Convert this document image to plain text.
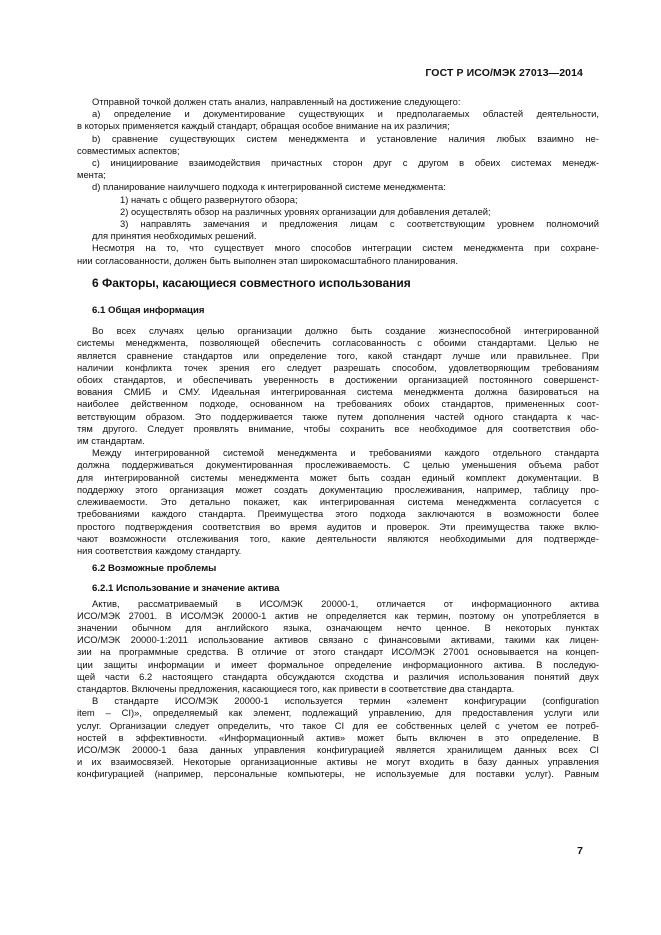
ГОСТ Р ИСО/МЭК 27013—2014
Отправной точкой должен стать анализ, направленный на достижение следующего:
а) определение и документирование существующих и предполагаемых областей деятельности,
в которых применяется каждый стандарт, обращая особое внимание на их различия;
b) сравнение существующих систем менеджмента и установление наличия любых взаимно не-
совместимых аспектов;
с) инициирование взаимодействия причастных сторон друг с другом в обеих системах менедж-
мента;
d) планирование наилучшего подхода к интегрированной системе менеджмента:
1) начать с общего развернутого обзора;
2) осуществлять обзор на различных уровнях организации для добавления деталей;
3) направлять замечания и предложения лицам с соответствующим уровнем полномочий
для принятия необходимых решений.
Несмотря на то, что существует много способов интеграции систем менеджмента при сохране-
нии согласованности, должен быть выполнен этап широкомасштабного планирования.
6 Факторы, касающиеся совместного использования
6.1 Общая информация
Во всех случаях целью организации должно быть создание жизнеспособной интегрированной
системы менеджмента, позволяющей обеспечить согласованность с обоими стандартами. Целью не
является сравнение стандартов или определение того, какой стандарт лучше или правильнее. При
наличии конфликта точек зрения его следует разрешать способом, удовлетворяющим требованиям
обоих стандартов, и обеспечивать уверенность в достижении организацией постоянного совершенст-
вования СМИБ и СМУ. Идеальная интегрированная система менеджмента должна базироваться на
наиболее действенном подходе, основанном на требованиях обоих стандартов, примененных соот-
ветствующим образом. Это поддерживается также путем дополнения частей одного стандарта к час-
тям другого. Следует проявлять внимание, чтобы сохранить все необходимое для соответствия обо-
им стандартам.
Между интегрированной системой менеджмента и требованиями каждого отдельного стандарта
должна поддерживаться документированная прослеживаемость. С целью уменьшения объема работ
для интегрированной системы менеджмента может быть создан единый комплект документации. В
поддержку этого организация может создать документацию прослеживания, например, таблицу про-
слеживаемости. Это детально покажет, как интегрированная система менеджмента согласуется с
требованиями каждого стандарта. Преимущества этого подхода заключаются в возможности более
простого подтверждения соответствия во время аудитов и проверок. Эти преимущества также вклю-
чают возможности отслеживания того, какие деятельности являются необходимыми для подтвержде-
ния соответствия каждому стандарту.
6.2 Возможные проблемы
6.2.1 Использование и значение актива
Актив, рассматриваемый в ИСО/МЭК 20000-1, отличается от информационного актива
ИСО/МЭК 27001. В ИСО/МЭК 20000-1 актив не определяется как термин, поэтому он употребляется в
значении обычном для английского языка, означающем нечто ценное. В некоторых пунктах
ИСО/МЭК 20000-1:2011 использование активов связано с финансовыми активами, такими как лицен-
зии на программные средства. В отличие от этого стандарт ИСО/МЭК 27001 основывается на концеп-
ции защиты информации и имеет формальное определение информационного актива. В последую-
щей части 6.2 настоящего стандарта обсуждаются сходства и различия использования понятий двух
стандартов. Включены предложения, касающиеся того, как привести в соответствие два стандарта.
В стандарте ИСО/МЭК 20000-1 используется термин «элемент конфигурации (configuration
item – CI)», определяемый как элемент, подлежащий управлению, для предоставления услуги или
услуг. Организации следует определить, что такое CI для ее собственных целей с учетом ее потреб-
ностей в эффективности. «Информационный актив» может быть включен в это определение. В
ИСО/МЭК 20000-1 база данных управления конфигурацией является хранилищем данных всех CI
и их взаимосвязей. Некоторые организационные активы не могут входить в базу данных управления
конфигурацией (например, персональные компьютеры, не используемые для поставки услуг). Равным
7
